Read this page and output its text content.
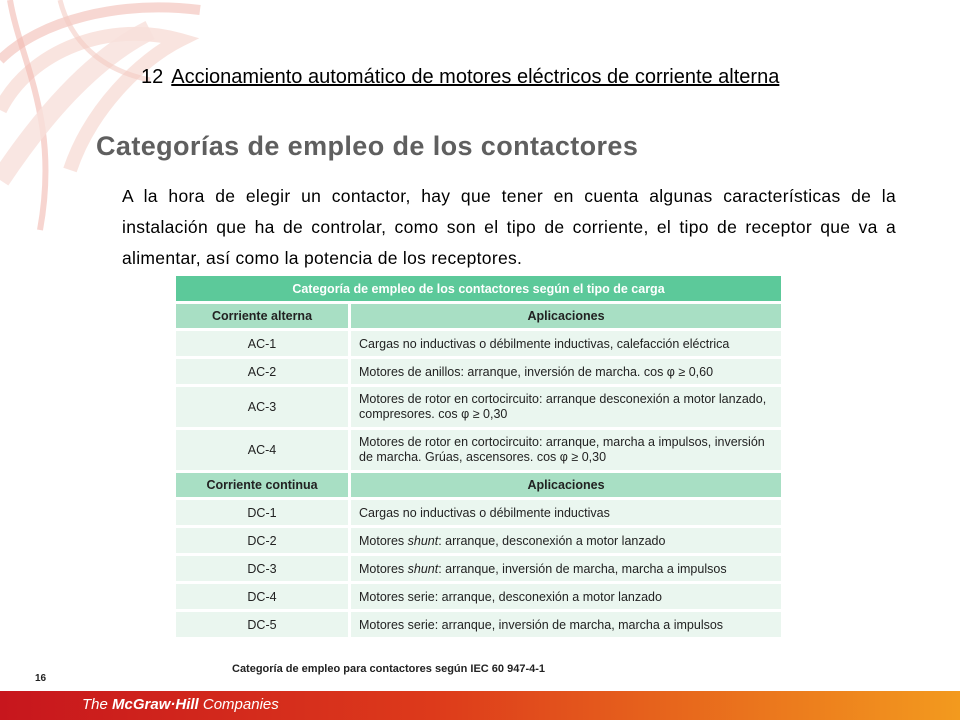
12 Accionamiento automático de motores eléctricos de corriente alterna
Categorías de empleo de los contactores
A la hora de elegir un contactor, hay que tener en cuenta algunas características de la instalación que ha de controlar, como son el tipo de corriente, el tipo de receptor que va a alimentar, así como la potencia de los receptores.
Categoría de empleo de los contactores según el tipo de carga	
Corriente alterna	Aplicaciones
AC-1	Cargas no inductivas o débilmente inductivas, calefacción eléctrica
AC-2	Motores de anillos: arranque, inversión de marcha. cos φ ≥ 0,60
AC-3	Motores de rotor en cortocircuito: arranque desconexión a motor lanzado, compresores. cos φ ≥ 0,30
AC-4	Motores de rotor en cortocircuito: arranque, marcha a impulsos, inversión de marcha. Grúas, ascensores. cos φ ≥ 0,30
Corriente continua	Aplicaciones
DC-1	Cargas no inductivas o débilmente inductivas
DC-2	Motores shunt: arranque, desconexión a motor lanzado
DC-3	Motores shunt: arranque, inversión de marcha, marcha a impulsos
DC-4	Motores serie: arranque, desconexión a motor lanzado
DC-5	Motores serie: arranque, inversión de marcha, marcha a impulsos
Categoría de empleo para contactores según IEC 60 947-4-1
16
The McGraw·Hill Companies
